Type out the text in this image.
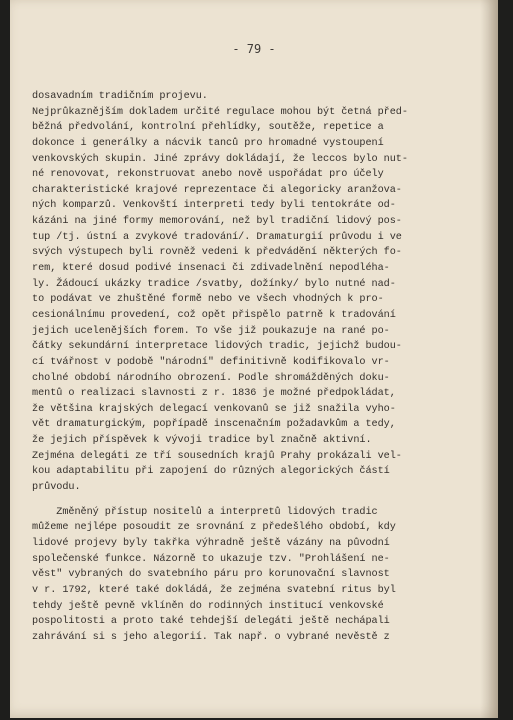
- 79 -
dosavadním tradičním projevu.
Nejprůkaznějším dokladem určité regulace mohou být četná před-
běžná předvolání, kontrolní přehlídky, soutěže, repetice a
dokonce i generálky a nácvik tanců pro hromadné vystoupení
venkovských skupin. Jiné zprávy dokládají, že leccos bylo nut-
né renovovat, rekonstruovat anebo nově uspořádat pro účely
charakteristické krajové reprezentace či alegoricky aranžova-
ných komparzů. Venkovští interpreti tedy byli tentokráte od-
kázáni na jiné formy memorování, než byl tradiční lidový pos-
tup /tj. ústní a zvykové tradování/. Dramaturgií průvodu i ve
svých výstupech byli rovněž vedeni k předvádění některých fo-
rem, které dosud podivé insenaci či zdivadelnění nepodléha-
ly. Žádoucí ukázky tradice /svatby, dožínky/ bylo nutné nad-
to podávat ve zhuštěné formě nebo ve všech vhodných k pro-
cesionálnímu provedení, což opět přispělo patrně k tradování
jejich ucelenějších forem. To vše již poukazuje na rané po-
čátky sekundární interpretace lidových tradic, jejichž budou-
cí tvářnost v podobě "národní" definitivně kodifikovalo vr-
cholné období národního obrození. Podle shromážděných doku-
mentů o realizaci slavnosti z r. 1836 je možné předpokládat,
že většina krajských delegací venkovanů se již snažila vyho-
vět dramaturgickým, popřípadě inscenačním požadavkům a tedy,
že jejich příspěvek k vývoji tradice byl značně aktivní.
Zejména delegáti ze tří sousedních krajů Prahy prokázali vel-
kou adaptabilitu při zapojení do různých alegorických částí
průvodu.
Změněný přístup nositelů a interpretů lidových tradic
můžeme nejlépe posoudit ze srovnání z předešlého období, kdy
lidové projevy byly takřka výhradně ještě vázány na původní
společenské funkce. Názorně to ukazuje tzv. "Prohlášení ne-
věst" vybraných do svatebního páru pro korunovační slavnost
v r. 1792, které také dokládá, že zejména svatební ritus byl
tehdy ještě pevně vklíněn do rodinných institucí venkovské
pospolitosti a proto také tehdejší delegáti ještě nechápali
zahrávání si s jeho alegorií. Tak např. o vybrané nevěstě z
